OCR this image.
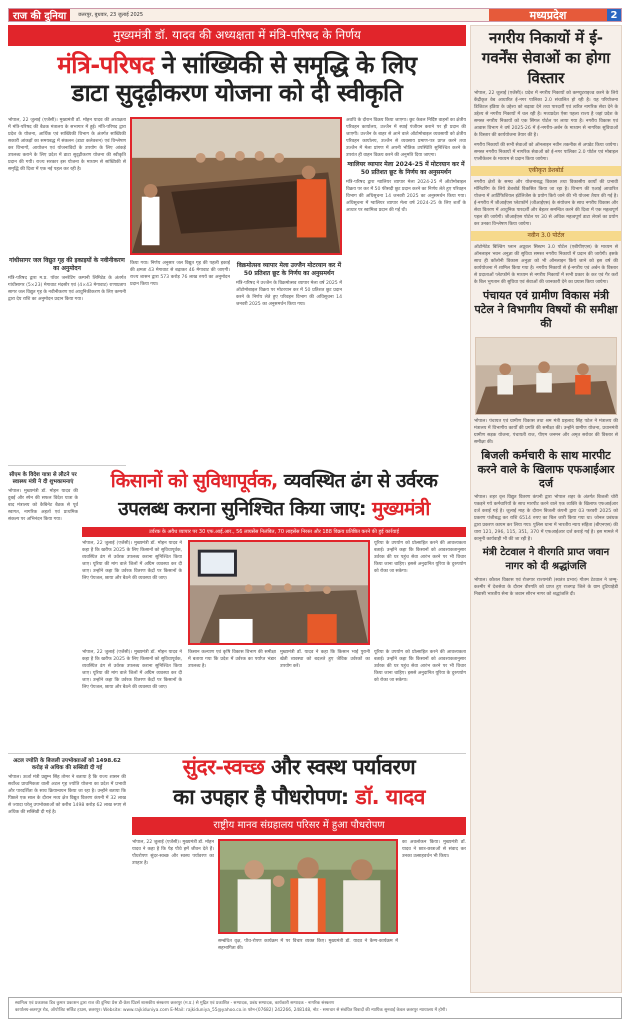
राज की दुनिया	छतरपुर, बुधवार, 23 जुलाई 2025	मध्यप्रदेश	2
मुख्यमंत्री डॉ. यादव की अध्यक्षता में मंत्रि-परिषद के निर्णय
मंत्रि-परिषद ने सांख्यिकी से समृद्धि के लिए
डाटा सुदृढ़ीकरण योजना को दी स्वीकृति
भोपाल, 22 जुलाई (एजेंसी)। मुख्यमंत्री डॉ. मोहन यादव की अध्यक्षता में मंत्रि-परिषद की बैठक मंत्रालय के सभागार में हुई। मंत्रि-परिषद द्वारा प्रदेश के योजना, आर्थिक एवं सांख्यिकी विभाग के अंतर्गत सांख्यिकी सकारी आंकड़ों का समयबद्ध में संकलन (डाटा कलेक्शन) एवं विश्लेषण कर विभागों, आयोजन एवं योजनाविदों के उपयोग के लिए आंकड़े उपलब्ध कराने के लिए प्रदेश में डाटा सुदृढ़ीकरण योजना की स्वीकृति प्रदान की गयी। राज्य सरकार इस योजना के माध्यम से सांख्यिकी से समृद्धि की दिशा में एक नई पहल कर रही है।
अवधि के दौरान विक्रय किया जाएगा। छूट केवल निर्दिष्ट वाहनों का क्षेत्रीय परिवहन कार्यालय, उज्जैन में स्थाई पंजीयन कराने पर ही प्रदान की जाएगी। उज्जैन के बाहर से आने वाले ऑटोमोबाइल व्यवसायी को क्षेत्रीय परिवहन कार्यालय, उज्जैन से व्यवसाय प्रमाण-पत्र प्राप्त करने तथा उज्जैन में मेला प्रांगण में अपनी भौतिक उपस्थिति सुनिश्चित करने के उपरांत ही वाहन विक्रय करने की अनुमति दिया जाएगा।
ग्वालियर व्यापार मेला 2024-25 में मोटरयान कर में 50 प्रतिशत छूट के निर्णय का अनुसमर्थन
मंत्रि-परिषद द्वारा ग्वालियर व्यापार मेला 2024-25 में ऑटोमोबाइल विक्रय पर कर में 50 फीसदी छूट प्रदान करने का निर्णय लेते हुए परिवहन विभाग की अधिसूचना 14 जनवरी 2025 का अनुसमर्थन किया गया। अधिसूचना में ग्वालियर व्यापार मेला वर्ष 2024-25 के लिए शर्तों के आधार पर स्वामित्व प्रदान की गई थी।
किया गया। निर्णय अनुसार जल विद्युत गृह की पहली इकाई की क्षमता 43 मेगावाट से बढ़ाकर 46 मेगावाट की जाएगी। राज्य शासन द्वारा 573 करोड़ 76 लाख रुपये का अनुमोदन प्रदान किया गया।
विक्रमोत्सव व्यापार मेला उज्जैन मोटरयान कर में 50 प्रतिशत छूट के निर्णय का अनुसमर्थन
मंत्रि-परिषद ने उज्जैन के विक्रमोत्सव व्यापार मेला वर्ष 2025 में ऑटोमोबाइल विक्रय पर मोटरयान कर में 50 प्रतिशत छूट प्रदान करने के निर्णय लेते हुए परिवहन विभाग की अधिसूचना 14 जनवरी 2025 का अनुसमर्थन किया गया।
गांधीसागर जल विद्युत गृह की इकाइयों के नवीनीकरण का अनुमोदन
मंत्रि-परिषद द्वारा म.प्र. पॉवर जनरेटिंग कम्पनी लिमिटेड के अंतर्गत गांधीसागर (5×23) मेगावाट मंदसौर एवं (4×43 मेगावाट) राणाप्रताप सागर जल विद्युत गृह के नवीनीकरण एवं आधुनिकीकरण के लिए कम्पनी द्वारा देय राशि का अनुमोदन प्रदान किया गया।
सीएम के विदेश यात्रा से लौटने पर स्वास्थ्य मंत्री ने दी शुभकामनाएं
भोपाल। मुख्यमंत्री डॉ. मोहन यादव की दुबई और स्पेन की सफल विदेश यात्रा के बाद मंत्रालय को कैबिनेट बैठक से पूर्व स्वागत, नागरिक अहर्ता एवं प्राथमिक संकल्प पर अभिनंदन किया गया।
किसानों को सुविधापूर्वक, व्यवस्थित ढंग से उर्वरक
उपलब्ध कराना सुनिश्चित किया जाए: मुख्यमंत्री
उर्वरक के अवैध व्यापार पर 30 एफ.आई.आर., 56 लायसेंस निलंबित, 70 लाइसेंस निरस्त और 188 विक्रय प्रतिष्ठित करने की हुई कार्रवाई
भोपाल, 22 जुलाई (एजेंसी)। मुख्यमंत्री डॉ. मोहन यादव ने कहा है कि खरीफ 2025 के लिए किसानों को सुविधापूर्वक, व्यवस्थित ढंग से उर्वरक उपलब्ध कराना सुनिश्चित किया जाए। यूरिया की मांग वाले जिलों में अग्रिम व्यवस्था कर दी जाए। उन्होंने कहा कि उर्वरक वितरण केंद्रों पर किसानों के लिए पेयजल, छाया और बैठने की व्यवस्था की जाए।
यूरिया के उपयोग को प्रोत्साहित करने की आवश्यकता बताई। उन्होंने कहा कि किसानों को आवश्यकतानुसार उर्वरक की घर पहुंच सेवा आरंभ करने पर भी विचार किया जाना चाहिए। इससे अनुदानित यूरिया के दुरुपयोग को रोका जा सकेगा।
किसान कल्याण एवं कृषि विकास विभाग की समीक्षा में बताया गया कि प्रदेश में उर्वरक का पर्याप्त भंडार उपलब्ध है।
मुख्यमंत्री डॉ. यादव ने कहा कि किसान भाई पुरानी खेती व्यवस्था को बदलते हुए जैविक उर्वरकों का उपयोग करें।
भोपाल, 22 जुलाई (एजेंसी)। मुख्यमंत्री डॉ. मोहन यादव ने कहा है कि खरीफ 2025 के लिए किसानों को सुविधापूर्वक, व्यवस्थित ढंग से उर्वरक उपलब्ध कराना सुनिश्चित किया जाए। यूरिया की मांग वाले जिलों में अग्रिम व्यवस्था कर दी जाए। उन्होंने कहा कि उर्वरक वितरण केंद्रों पर किसानों के लिए पेयजल, छाया और बैठने की व्यवस्था की जाए।
यूरिया के उपयोग को प्रोत्साहित करने की आवश्यकता बताई। उन्होंने कहा कि किसानों को आवश्यकतानुसार उर्वरक की घर पहुंच सेवा आरंभ करने पर भी विचार किया जाना चाहिए। इससे अनुदानित यूरिया के दुरुपयोग को रोका जा सकेगा।
अटल ज्योति के बिजली उपभोक्ताओं को 1498.62 करोड़ से अधिक की सब्सिडी दी गई
भोपाल। ऊर्जा मंत्री प्रद्युम्न सिंह तोमर ने बताया है कि राज्य शासन की सर्वोच्च प्राथमिकता वाली अटल गृह ज्योति योजना का प्रदेश में प्रभावी और पारदर्शिता के साथ क्रियान्वयन किया जा रहा है। उन्होंने बताया कि पिछले एक साल के दौरान मध्य क्षेत्र विद्युत वितरण कंपनी में 32 लाख से ज्यादा घरेलू उपभोक्ताओं को करीब 1498 करोड़ 62 लाख रुपए से अधिक की सब्सिडी दी गई है।
सुंदर-स्वच्छ और स्वस्थ पर्यावरण
का उपहार है पौधरोपण: डॉ. यादव
राष्ट्रीय मानव संग्रहालय परिसर में हुआ पौधरोपण
भोपाल, 22 जुलाई (एजेंसी)। मुख्यमंत्री डॉ. मोहन यादव ने कहा है कि पेड़ पौधे हमें जीवन देते हैं। पौधरोपण सुंदर-स्वच्छ और स्वस्थ पर्यावरण का उपहार है।
का अवलोकन किया। मुख्यमंत्री डॉ. यादव ने छात्र-छात्राओं से संवाद कर उनका उत्साहवर्धन भी किया।
सम्बंधित वृक्ष, पौध-रोपण कार्यक्रम में पर विचार व्यक्त किए। मुख्यमंत्री डॉ. यादव ने कैम्प-कार्यक्रम में सहभागिता की।
नगरीय निकायों में ई-गवर्नेंस सेवाओं का होगा विस्तार
भोपाल, 22 जुलाई (एजेंसी)। प्रदेश में नगरीय निकायों को कम्प्यूटराइज्ड करने के लिये केंद्रीकृत वेब आधारित ई-नगर पालिका 2.0 संचालित हो रही है। यह परियोजना डिजिटल इंडिया के उद्देश्य को बढ़ावा देने तथा पारदर्शी एवं त्वरित नागरिक सेवा देने के उद्देश्य से नगरीय निकायों में चल रही है। मध्यप्रदेश ऐसा पहला राज्य है जहां प्रदेश के समस्त नगरीय निकायों को एक सिंगल पोर्टल पर लाया गया है। नगरीय विकास एवं आवास विभाग ने वर्ष 2025-26 में ई-नगरीय-अर्बन के माध्यम से नागरिक सुविधाओं के विस्तार की कार्ययोजना तैयार की है।
नगरीय निकायों की सभी सेवाओं को ऑनलाइन नवीन तकनीक से अपडेट किया जायेगा। समस्त नगरीय निकायों में नागरिक सेवाओं को ई-नगर पालिका 2.0 पोर्टल एवं मोबाइल एप्लीकेशन के माध्यम से प्रदान किया जायेगा।
एकीकृत डेशबोर्ड
नगरीय क्षेत्रों के समग्र और योजनाबद्ध विकास तथा विकासीय कार्यों की प्रभावी मॉनिटरिंग के लिये डेशबोर्ड विकसित किया जा रहा है। विभाग की एआई आधारित योजना में आर्टिफिशियल इंटेलिजेंस के प्रयोग किये जाने की भी योजना तैयार की गई है। ई-नगरीय में जीआईएस प्लेटफॉर्म (जीआईएस) के संयोजन के साथ नगरीय विकास और सेवा वितरण में आधुनिक पारदर्शी और बेहतर समन्वित करने की दिशा में एक महत्वपूर्ण पहल की जायेगी। जीआईएस पोर्टल पर 30 से अधिक महत्वपूर्ण डाटा लेयर्स का प्रयोग कर उनका विश्लेषण किया जायेगा।
नवीन 3.0 पोर्टल
ऑटोमेटेड बिल्डिंग प्लान अप्रूवल सिस्टम 3.0 पोर्टल (एबीपीएएस) के माध्यम से ऑनलाइन भवन अनुज्ञा की सुविधा समस्त नगरीय निकायों में प्रदान की जायेगी। इसके साथ ही कॉलोनी विकास अनुज्ञा को भी ऑनलाइन किये जाने को इस वर्ष की कार्ययोजना में शामिल किया गया है। नगरीय निकायों से ई-नगरीय एवं अर्बन के विस्तार से प्रदाताओं प्लेटफॉर्म के माध्यम से नगरीय निकायों में सभी प्रकार के कर एवं गैर करों के बिल भुगतान की सुविधा एवं सेवाओं की जानकारी देने का प्रयास किया जायेगा।
पंचायत एवं ग्रामीण विकास मंत्री पटेल ने विभागीय विषयों की समीक्षा की
भोपाल। पंचायत एवं ग्रामीण विकास तथा श्रम मंत्री प्रहलाद सिंह पटेल ने मंत्रालय की मंत्रालय में विभागीय कार्यों की प्रगति की समीक्षा की। उन्होंने ग्रामीण योजना, प्रधानमंत्री ग्रामीण सड़क योजना, पंचायती राज, पीएम जनमन और अमृत सरोवर की विस्तार से समीक्षा की।
बिजली कर्मचारी के साथ मारपीट करने वाले के खिलाफ एफआईआर दर्ज
भोपाल। शहर वृत्त विद्युत वितरण कंपनी द्वारा भोपाल शहर के अंतर्गत बिजली चोरी पकड़ने गये कर्मचारियों के साथ मारपीट करने वाले एक व्यक्ति के खिलाफ एफआईआर दर्ज कराई गई है। जुलाई माह के दौरान बिजली कंपनी द्वारा 03 फरवरी 2025 को प्रकरण पंजीबद्ध कर राशि 6514 रुपए का बिल जारी किया गया था। जोनल प्रबंधक द्वारा प्रकरण कायम कर लिया गया। पुलिस थाना में भारतीय न्याय संहिता (बीएनएस) की धारा 121, 296, 115, 351, 370 में एफआईआर दर्ज कराई गई है। इस मामले में कानूनी कार्यवाही भी की जा रही है।
मंत्री टेटवाल ने वीरगति प्राप्त जवान नागर को दी श्रद्धांजलि
भोपाल। कौशल विकास एवं रोजगार राज्यमंत्री (स्वतंत्र प्रभार) गौतम टेटवाल ने जम्मू-कश्मीर में देशसेवा के दौरान वीरगति को प्राप्त हुए राजगढ़ जिले के ग्राम टूटियाहेडी निवासी भारतीय सेना के जवान सौरभ नागर को श्रद्धांजलि दी।
स्वामित्व एवं प्रकाशक डिव कुमार प्रकाशन द्वारा राज की दुनिया प्रेस डी-फ्रेश प्रिंटर्स शासकीय संस्करण छतरपुर (म.प्र.) से मुद्रित एवं प्रकाशित - सम्पादक, प्रबंध सम्पादक, कार्यकारी सम्पादक - नागरिक संस्करण
कार्यालय-छतरपुर रोड, ऑपोजिट सर्किट हाउस, छतरपुर। Website: www.rajkiduniya.com E-Mail: rajkiduniya_55@yahoo.co.in फोन-(07682) 242266, 248148, नोट - समाचार से संबंधित विवादों की न्यायिक सुनवाई केवल छतरपुर न्यायालय में होगी।
